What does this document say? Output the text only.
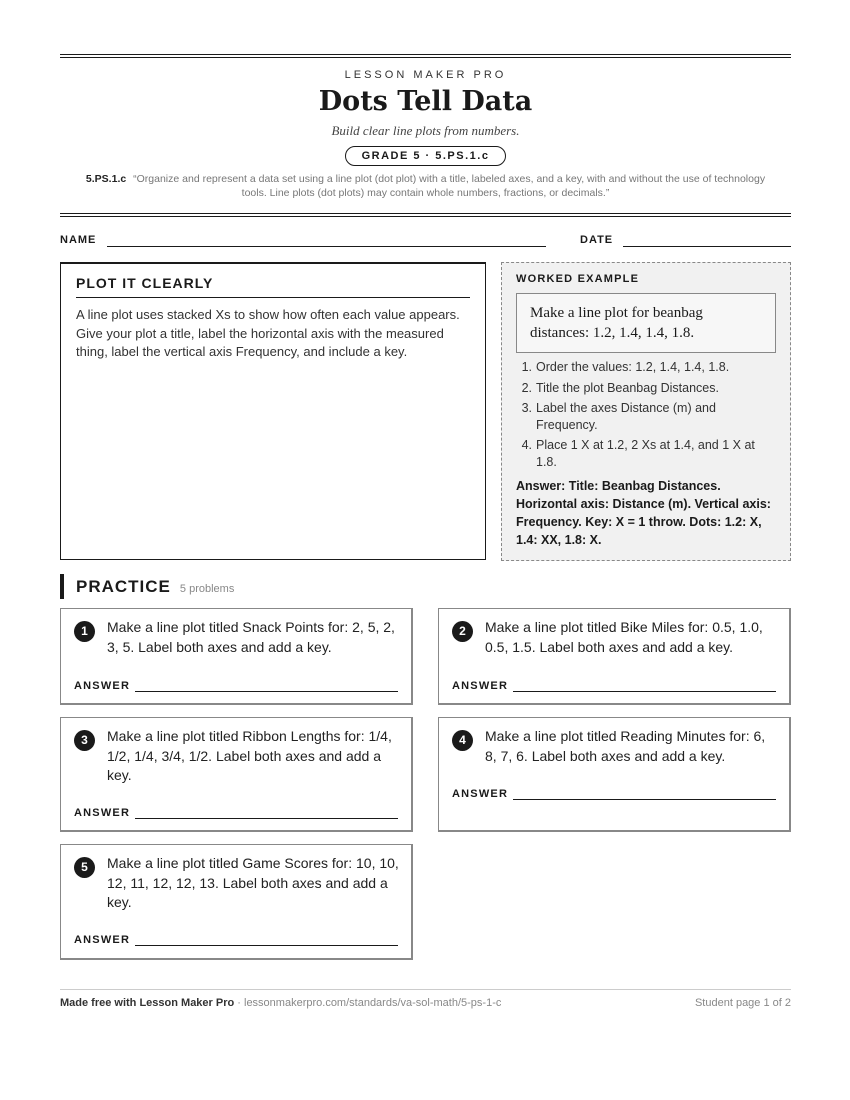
LESSON MAKER PRO
Dots Tell Data
Build clear line plots from numbers.
GRADE 5 · 5.PS.1.c
5.PS.1.c “Organize and represent a data set using a line plot (dot plot) with a title, labeled axes, and a key, with and without the use of technology tools. Line plots (dot plots) may contain whole numbers, fractions, or decimals.”
NAME	DATE
PLOT IT CLEARLY
A line plot uses stacked Xs to show how often each value appears. Give your plot a title, label the horizontal axis with the measured thing, label the vertical axis Frequency, and include a key.
WORKED EXAMPLE
Make a line plot for beanbag distances: 1.2, 1.4, 1.4, 1.8.
1. Order the values: 1.2, 1.4, 1.4, 1.8.
2. Title the plot Beanbag Distances.
3. Label the axes Distance (m) and Frequency.
4. Place 1 X at 1.2, 2 Xs at 1.4, and 1 X at 1.8.
Answer: Title: Beanbag Distances. Horizontal axis: Distance (m). Vertical axis: Frequency. Key: X = 1 throw. Dots: 1.2: X, 1.4: XX, 1.8: X.
PRACTICE 5 problems
1	Make a line plot titled Snack Points for: 2, 5, 2, 3, 5. Label both axes and add a key.
ANSWER
2	Make a line plot titled Bike Miles for: 0.5, 1.0, 0.5, 1.5. Label both axes and add a key.
ANSWER
3	Make a line plot titled Ribbon Lengths for: 1/4, 1/2, 1/4, 3/4, 1/2. Label both axes and add a key.
ANSWER
4	Make a line plot titled Reading Minutes for: 6, 8, 7, 6. Label both axes and add a key.
ANSWER
5	Make a line plot titled Game Scores for: 10, 10, 12, 11, 12, 12, 13. Label both axes and add a key.
ANSWER
Made free with Lesson Maker Pro · lessonmakerpro.com/standards/va-sol-math/5-ps-1-c	Student page 1 of 2
